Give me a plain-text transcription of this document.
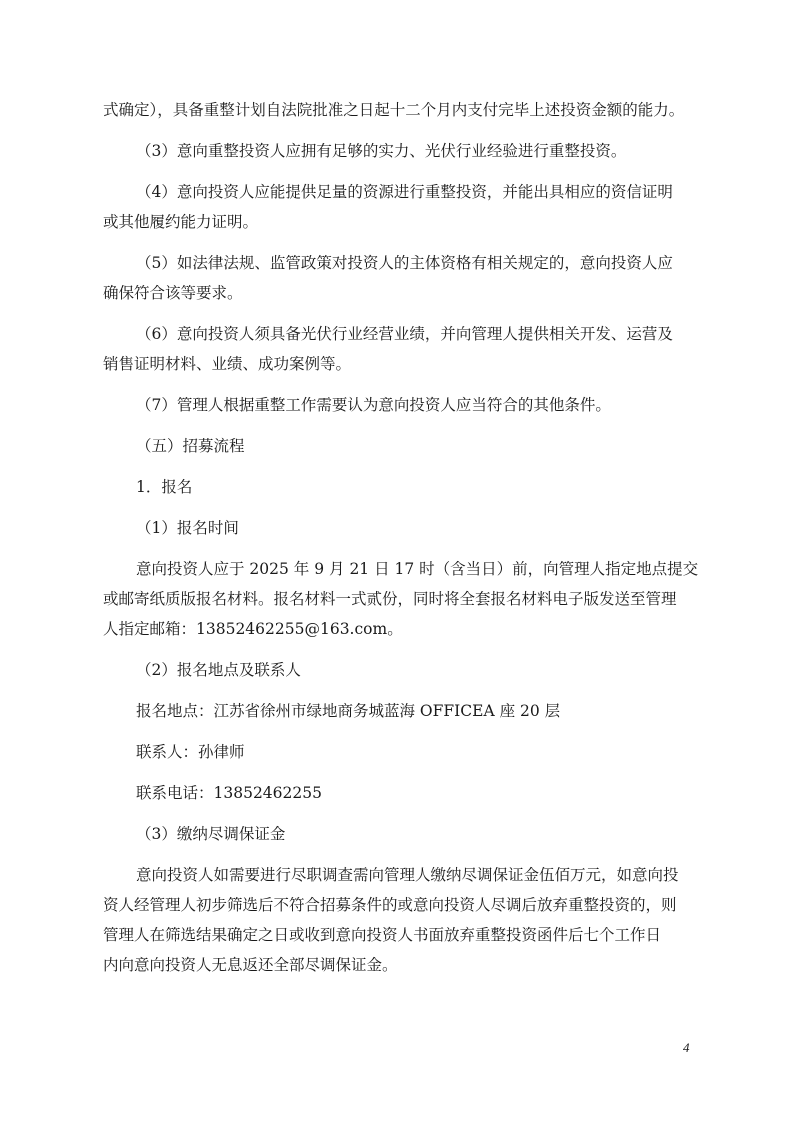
式确定），具备重整计划自法院批准之日起十二个月内支付完毕上述投资金额的能力。

（3）意向重整投资人应拥有足够的实力、光伏行业经验进行重整投资。

（4）意向投资人应能提供足量的资源进行重整投资，并能出具相应的资信证明

或其他履约能力证明。

（5）如法律法规、监管政策对投资人的主体资格有相关规定的，意向投资人应

确保符合该等要求。

（6）意向投资人须具备光伏行业经营业绩，并向管理人提供相关开发、运营及

销售证明材料、业绩、成功案例等。

（7）管理人根据重整工作需要认为意向投资人应当符合的其他条件。

（五）招募流程

1．报名

（1）报名时间

意向投资人应于 2025 年 9 月 21 日 17 时（含当日）前，向管理人指定地点提交

或邮寄纸质版报名材料。报名材料一式贰份，同时将全套报名材料电子版发送至管理

人指定邮箱：13852462255@163.com。

（2）报名地点及联系人

报名地点：江苏省徐州市绿地商务城蓝海 OFFICEA 座 20 层

联系人：孙律师

联系电话：13852462255

（3）缴纳尽调保证金

意向投资人如需要进行尽职调查需向管理人缴纳尽调保证金伍佰万元，如意向投

资人经管理人初步筛选后不符合招募条件的或意向投资人尽调后放弃重整投资的，则

管理人在筛选结果确定之日或收到意向投资人书面放弃重整投资函件后七个工作日

内向意向投资人无息返还全部尽调保证金。

4
